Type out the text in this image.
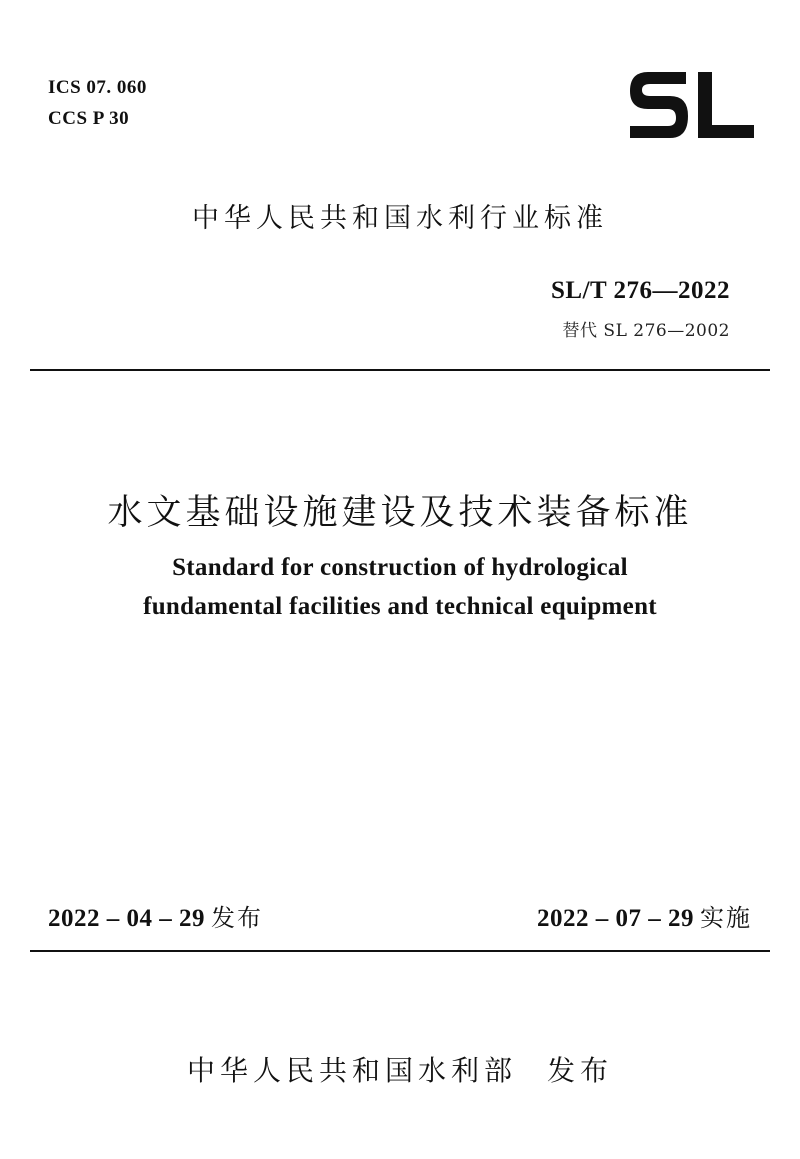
ICS 07. 060
CCS P 30
中华人民共和国水利行业标准
SL/T 276—2022
替代 SL 276—2002
水文基础设施建设及技术装备标准
Standard for construction of hydrological
fundamental facilities and technical equipment
2022 – 04 – 29 发布	2022 – 07 – 29 实施
中华人民共和国水利部 发布
